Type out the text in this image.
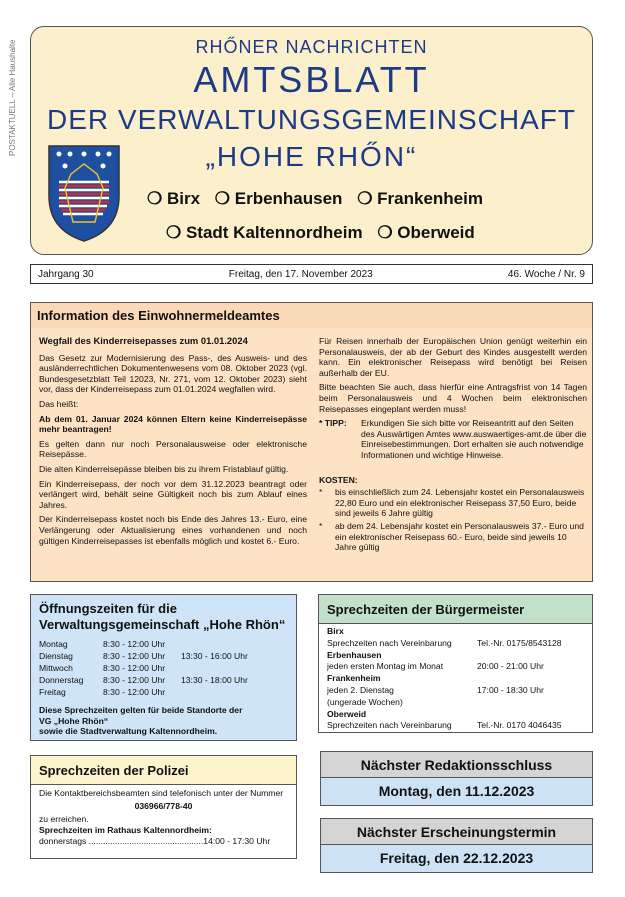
POSTAKTUELL – Alle Haushalte	RHŐNER NACHRICHTEN
AMTSBLATT
DER VERWALTUNGSGEMEINSCHAFT
„HOHE RHŐN“
❍ Birx ❍ Erbenhausen ❍ Frankenheim
❍ Stadt Kaltennordheim ❍ Oberweid
Jahrgang 30	Freitag, den 17. November 2023	46. Woche / Nr. 9
Information des Einwohnermeldeamtes

Wegfall des Kinderreisepasses zum 01.01.2024

Das Gesetz zur Modernisierung des Pass-, des Ausweis- und des ausländerrechtlichen Dokumentenwesens vom 08. Oktober 2023 (vgl. Bundesgesetzblatt Teil 12023, Nr. 271, vom 12. Oktober 2023) sieht vor, dass der Kinderreisepass zum 01.01.2024 wegfallen wird.

Das heißt:

Ab dem 01. Januar 2024 können Eltern keine Kinderreisepässe mehr beantragen!

Es gelten dann nur noch Personalausweise oder elektronische Reisepässe.

Die alten Kinderreisepässe bleiben bis zu ihrem Fristablauf gültig.

Ein Kinderreisepass, der noch vor dem 31.12.2023 beantragt oder verlängert wird, behält seine Gültigkeit noch bis zum Ablauf eines Jahres.

Der Kinderreisepass kostet noch bis Ende des Jahres 13.- Euro, eine Verlängerung oder Aktualisierung eines vorhandenen und noch gültigen Kinderreisepasses ist ebenfalls möglich und kostet 6.- Euro.

Für Reisen innerhalb der Europäischen Union genügt weiterhin ein Personalausweis, der ab der Geburt des Kindes ausgestellt werden kann. Ein elektronischer Reisepass wird benötigt bei Reisen außerhalb der EU.

Bitte beachten Sie auch, dass hierfür eine Antragsfrist von 14 Tagen beim Personalausweis und 4 Wochen beim elektronischen Reisepasses eingeplant werden muss!

* TIPP:	Erkundigen Sie sich bitte vor Reiseantritt auf den Seiten des Auswärtigen Amtes www.auswaertiges-amt.de über die Einreisebestimmungen. Dort erhalten sie auch notwendige Informationen und wichtige Hinweise.

KOSTEN:

*	bis einschließlich zum 24. Lebensjahr kostet ein Personalausweis 22,80 Euro und ein elektronischer Reisepass 37,50 Euro, beide sind jeweils 6 Jahre gültig
*	ab dem 24. Lebensjahr kostet ein Personalausweis 37.- Euro und ein elektronischer Reisepass 60.- Euro, beide sind jeweils 10 Jahre gültig
Öffnungszeiten für die
Verwaltungsgemeinschaft „Hohe Rhön“
Montag	8:30 - 12:00 Uhr
Dienstag	8:30 - 12:00 Uhr	13:30 - 16:00 Uhr
Mittwoch	8:30 - 12:00 Uhr
Donnerstag	8:30 - 12:00 Uhr	13:30 - 18:00 Uhr
Freitag	8:30 - 12:00 Uhr
Diese Sprechzeiten gelten für beide Standorte der
VG „Hohe Rhön“
sowie die Stadtverwaltung Kaltennordheim.
Sprechzeiten der Bürgermeister
Birx
Sprechzeiten nach Vereinbarung	Tel.-Nr. 0175/8543128
Erbenhausen
jeden ersten Montag im Monat	20:00 - 21:00 Uhr
Frankenheim
jeden 2. Dienstag	17:00 - 18:30 Uhr
(ungerade Wochen)
Oberweid
Sprechzeiten nach Vereinbarung	Tel.-Nr. 0170 4046435
Sprechzeiten der Polizei
Die Kontaktbereichsbeamten sind telefonisch unter der Nummer
036966/778-40
zu erreichen.
Sprechzeiten im Rathaus Kaltennordheim:
donnerstags ................................................14:00 - 17:30 Uhr
Nächster Redaktionsschluss
Montag, den 11.12.2023
Nächster Erscheinungstermin
Freitag, den 22.12.2023
